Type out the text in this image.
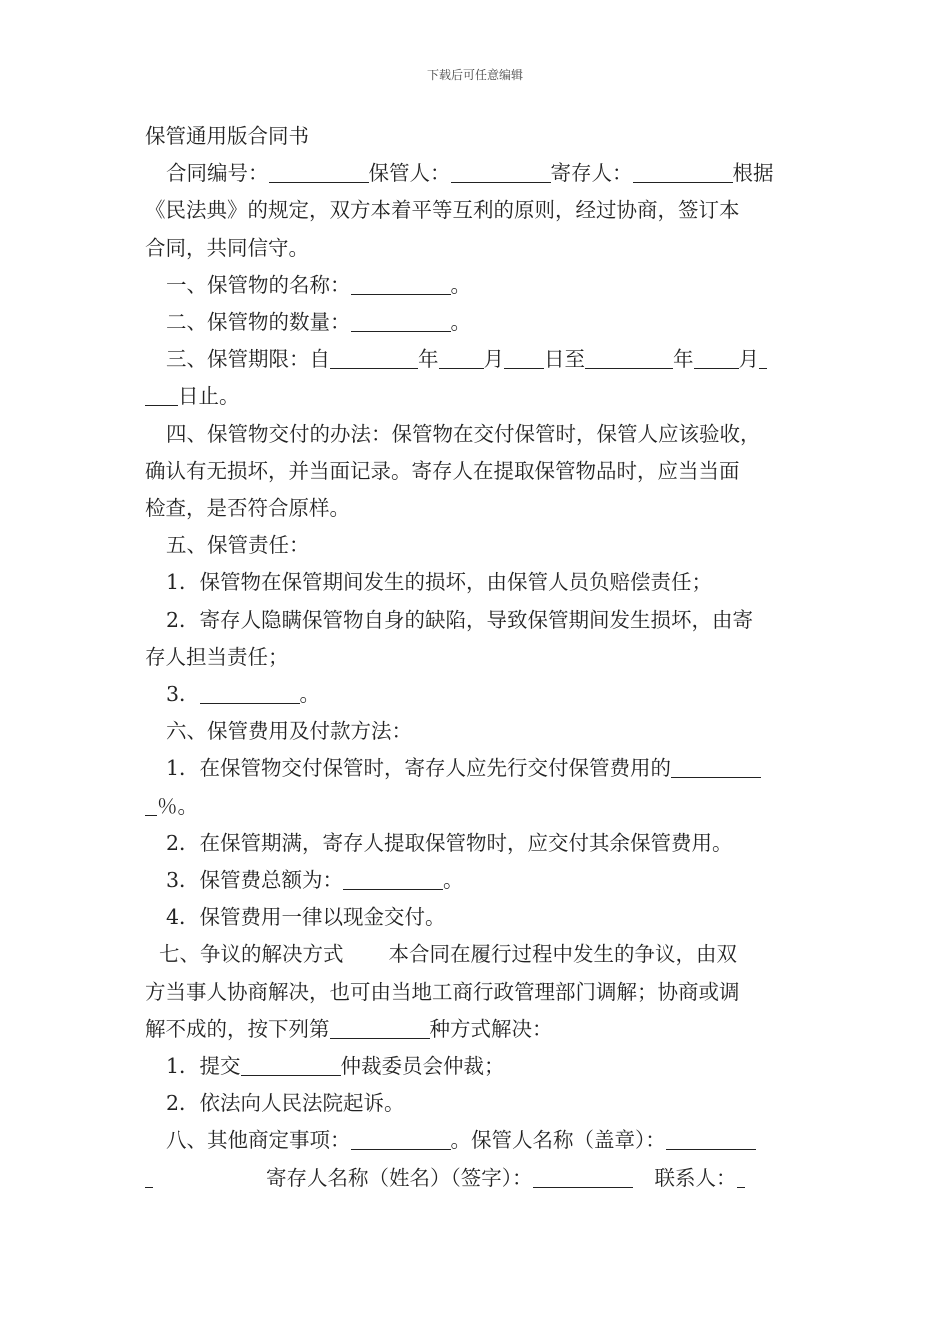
下载后可任意编辑

保管通用版合同书

合同编号：	保管人：	寄存人：	根据

《民法典》的规定，双方本着平等互利的原则，经过协商，签订本

合同，共同信守。

一、保管物的名称：	。

二、保管物的数量：	。

三、保管期限：自	年 月 日至	年 月

日止。

四、保管物交付的办法：保管物在交付保管时，保管人应该验收，

确认有无损坏，并当面记录。寄存人在提取保管物品时，应当当面

检查，是否符合原样。

五、保管责任：

1．保管物在保管期间发生的损坏，由保管人员负赔偿责任；

2．寄存人隐瞒保管物自身的缺陷，导致保管期间发生损坏，由寄

存人担当责任；

3．	。

六、保管费用及付款方法：

1．在保管物交付保管时，寄存人应先行交付保管费用的

％。

2．在保管期满，寄存人提取保管物时，应交付其余保管费用。

3．保管费总额为：	。

4．保管费用一律以现金交付。

七、争议的解决方式 本合同在履行过程中发生的争议，由双

方当事人协商解决，也可由当地工商行政管理部门调解；协商或调

解不成的，按下列第	种方式解决：

1．提交	仲裁委员会仲裁；

2．依法向人民法院起诉。

八、其他商定事项：	。保管人名称（盖章）：

寄存人名称（姓名）（签字）：	联系人：
